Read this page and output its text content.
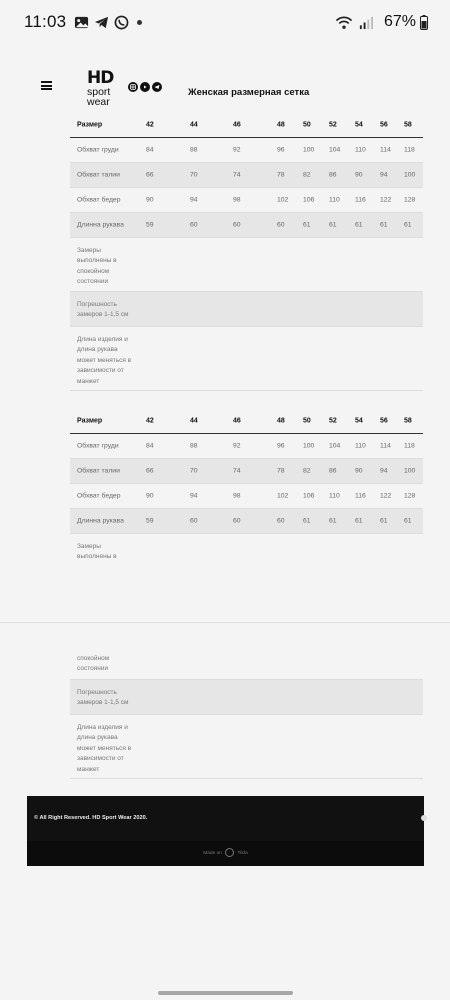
11:03	67%
HD
sport
wear
Женская размерная сетка
Размер	42	44	46	48	50	52	54 56 58
Обхват груди	84	88	92	96	100 104 110 114 118
Обхват талии	66	70	74	78	82	86	90	94 100
Обхват бедер	90	94	98	102 106 110 116 122 128
Длинна рукава	59	60	60	60	61	61	61	61 61
Замеры выполнены в спокойном состоянии
Погрешность замеров 1-1,5 см
Длина изделия и длина рукава может меняться в зависимости от манжет
Размер	42	44	46	48	50	52	54 56 58
Обхват груди	84	88	92	96	100 104 110 114 118
Обхват талии	66	70	74	78	82	86	90	94 100
Обхват бедер	90	94	98	102 106 110 116 122 128
Длинна рукава	59	60	60	60	61	61	61	61 61
Замеры выполнены в
спокойном состоянии
Погрешность замеров 1-1,5 см
Длина изделия и длина рукава может меняться в зависимости от манжет
© All Right Reserved. HD Sport Wear 2020.
Made on	Tilda
